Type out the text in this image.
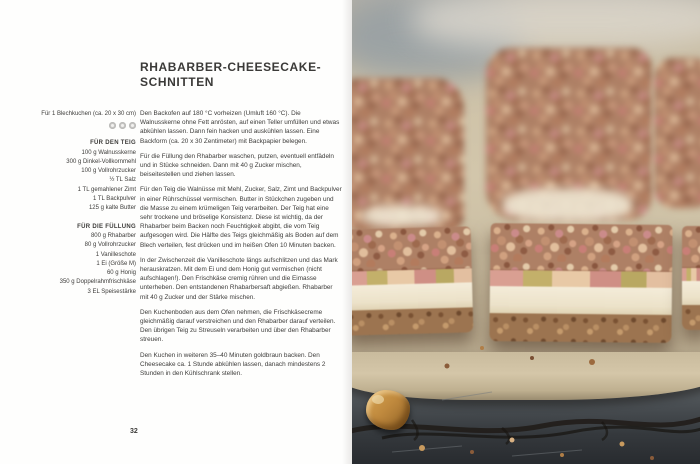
RHABARBER-CHEESECAKE-
SCHNITTEN
Für 1 Blechkuchen (ca. 20 x 30 cm)
FÜR DEN TEIG
100 g Walnusskerne
300 g Dinkel-Vollkornmehl
100 g Vollrohrzucker
½ TL Salz
1 TL gemahlener Zimt
1 TL Backpulver
125 g kalte Butter
FÜR DIE FÜLLUNG
800 g Rhabarber
80 g Vollrohrzucker
1 Vanilleschote
1 Ei (Größe M)
60 g Honig
350 g Doppelrahmfrischkäse
3 EL Speisestärke

Den Backofen auf 180 °C vorheizen (Umluft 160 °C). Die Walnusskerne ohne Fett anrösten, auf einen Teller umfüllen und etwas abkühlen lassen. Dann fein hacken und auskühlen lassen. Eine Backform (ca. 20 x 30 Zentimeter) mit Backpapier belegen.

Für die Füllung den Rhabarber waschen, putzen, eventuell entfädeln und in Stücke schneiden. Dann mit 40 g Zucker mischen, beiseitestellen und ziehen lassen.

Für den Teig die Walnüsse mit Mehl, Zucker, Salz, Zimt und Backpulver in einer Rührschüssel vermischen. Butter in Stückchen zugeben und die Masse zu einem krümeligen Teig verarbeiten. Der Teig hat eine sehr trockene und bröselige Konsistenz. Diese ist wichtig, da der Rhabarber beim Backen noch Feuchtigkeit abgibt, die vom Teig aufgesogen wird. Die Hälfte des Teigs gleichmäßig als Boden auf dem Blech verteilen, fest drücken und im heißen Ofen 10 Minuten backen.

In der Zwischenzeit die Vanilleschote längs aufschlitzen und das Mark herauskratzen. Mit dem Ei und dem Honig gut vermischen (nicht aufschlagen!). Den Frischkäse cremig rühren und die Eimasse unterheben. Den entstandenen Rhabarbersaft abgießen. Rhabarber mit 40 g Zucker und der Stärke mischen.

Den Kuchenboden aus dem Ofen nehmen, die Frischkäsecreme gleichmäßig darauf verstreichen und den Rhabarber darauf verteilen. Den übrigen Teig zu Streuseln verarbeiten und über den Rhabarber streuen.

Den Kuchen in weiteren 35–40 Minuten goldbraun backen. Den Cheesecake ca. 1 Stunde abkühlen lassen, danach mindestens 2 Stunden in den Kühlschrank stellen.

32
